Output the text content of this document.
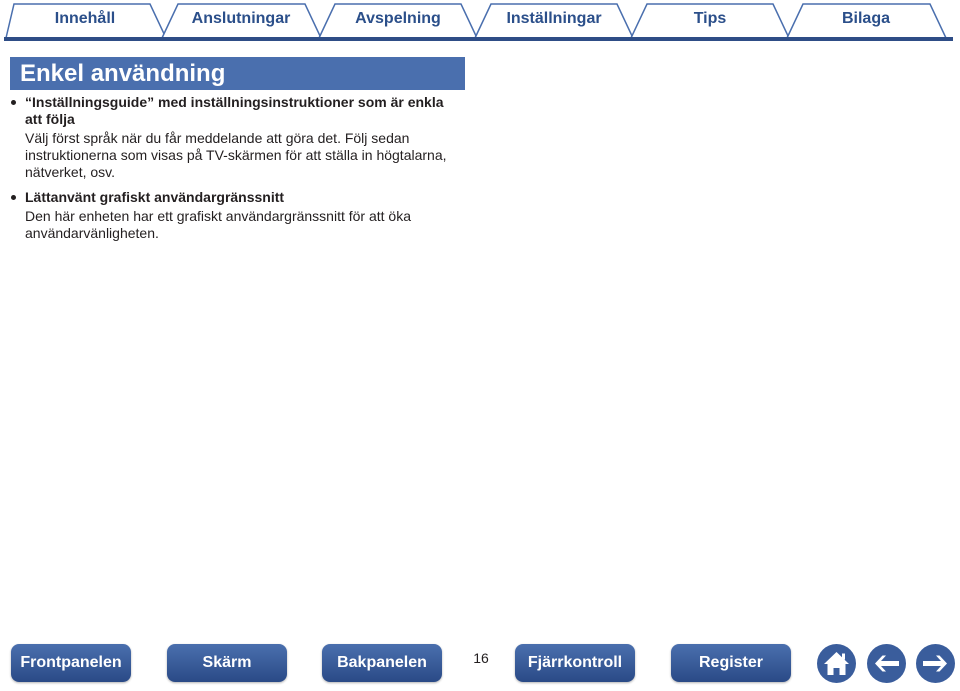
Innehåll	Anslutningar	Avspelning	Inställningar	Tips	Bilaga
Enkel användning
“Inställningsguide” med inställningsinstruktioner som är enkla att följa
Välj först språk när du får meddelande att göra det. Följ sedan instruktionerna som visas på TV-skärmen för att ställa in högtalarna, nätverket, osv.
Lättanvänt grafiskt användargränssnitt
Den här enheten har ett grafiskt användargränssnitt för att öka användarvänligheten.
Frontpanelen	Skärm	Bakpanelen	16	Fjärrkontroll	Register
